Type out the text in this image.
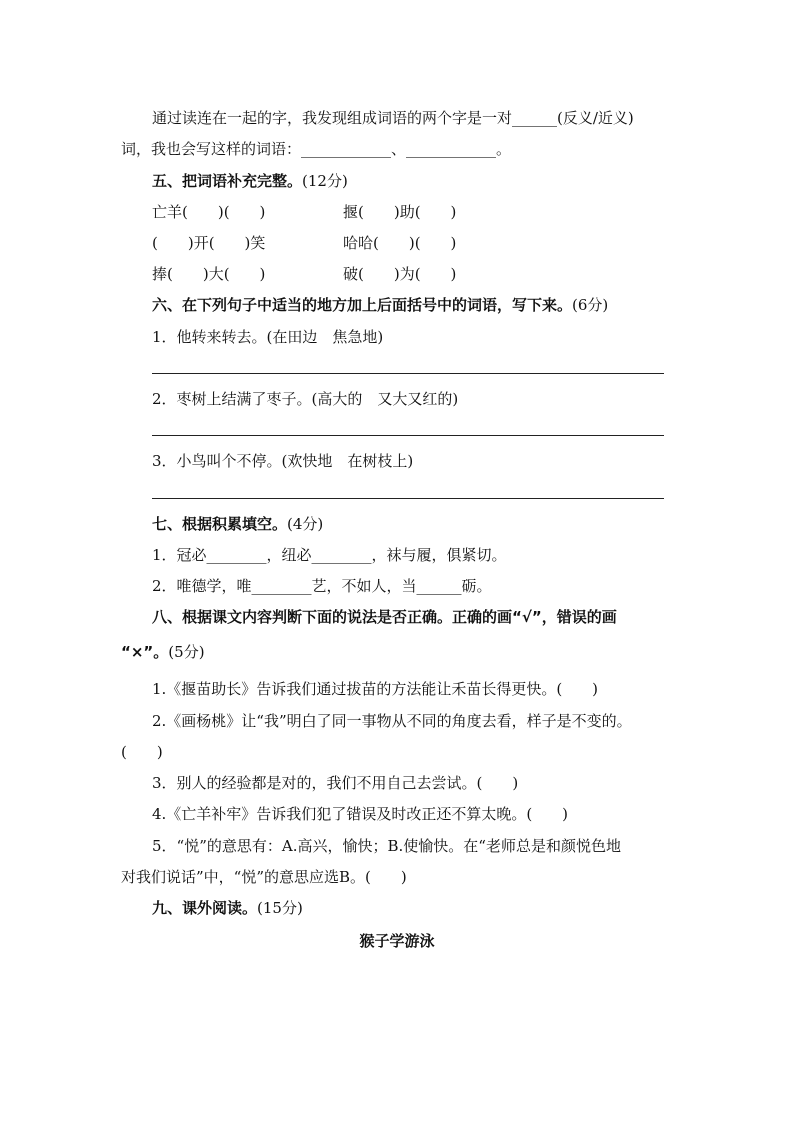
通过读连在一起的字，我发现组成词语的两个字是一对______(反义/近义)
词，我也会写这样的词语：____________、____________。
五、把词语补充完整。(12分)
亡羊(　　)(　　)	揠(　　)助(　　)
(　　)开(　　)笑	哈哈(　　)(　　)
捧(　　)大(　　)	破(　　)为(　　)
六、在下列句子中适当的地方加上后面括号中的词语，写下来。(6分)
1．他转来转去。(在田边　焦急地)
2．枣树上结满了枣子。(高大的　又大又红的)
3．小鸟叫个不停。(欢快地　在树枝上)
七、根据积累填空。(4分)
1．冠必________，纽必________，袜与履，俱紧切。
2．唯德学，唯________艺，不如人，当______砺。
八、根据课文内容判断下面的说法是否正确。正确的画“√”，错误的画
“×”。(5分)
1.《揠苗助长》告诉我们通过拔苗的方法能让禾苗长得更快。(　　)
2.《画杨桃》让“我”明白了同一事物从不同的角度去看，样子是不变的。
(　　)
3．别人的经验都是对的，我们不用自己去尝试。(　　)
4.《亡羊补牢》告诉我们犯了错误及时改正还不算太晚。(　　)
5．“悦”的意思有：A.高兴，愉快；B.使愉快。在“老师总是和颜悦色地
对我们说话”中，“悦”的意思应选B。(　　)
九、课外阅读。(15分)
猴子学游泳
